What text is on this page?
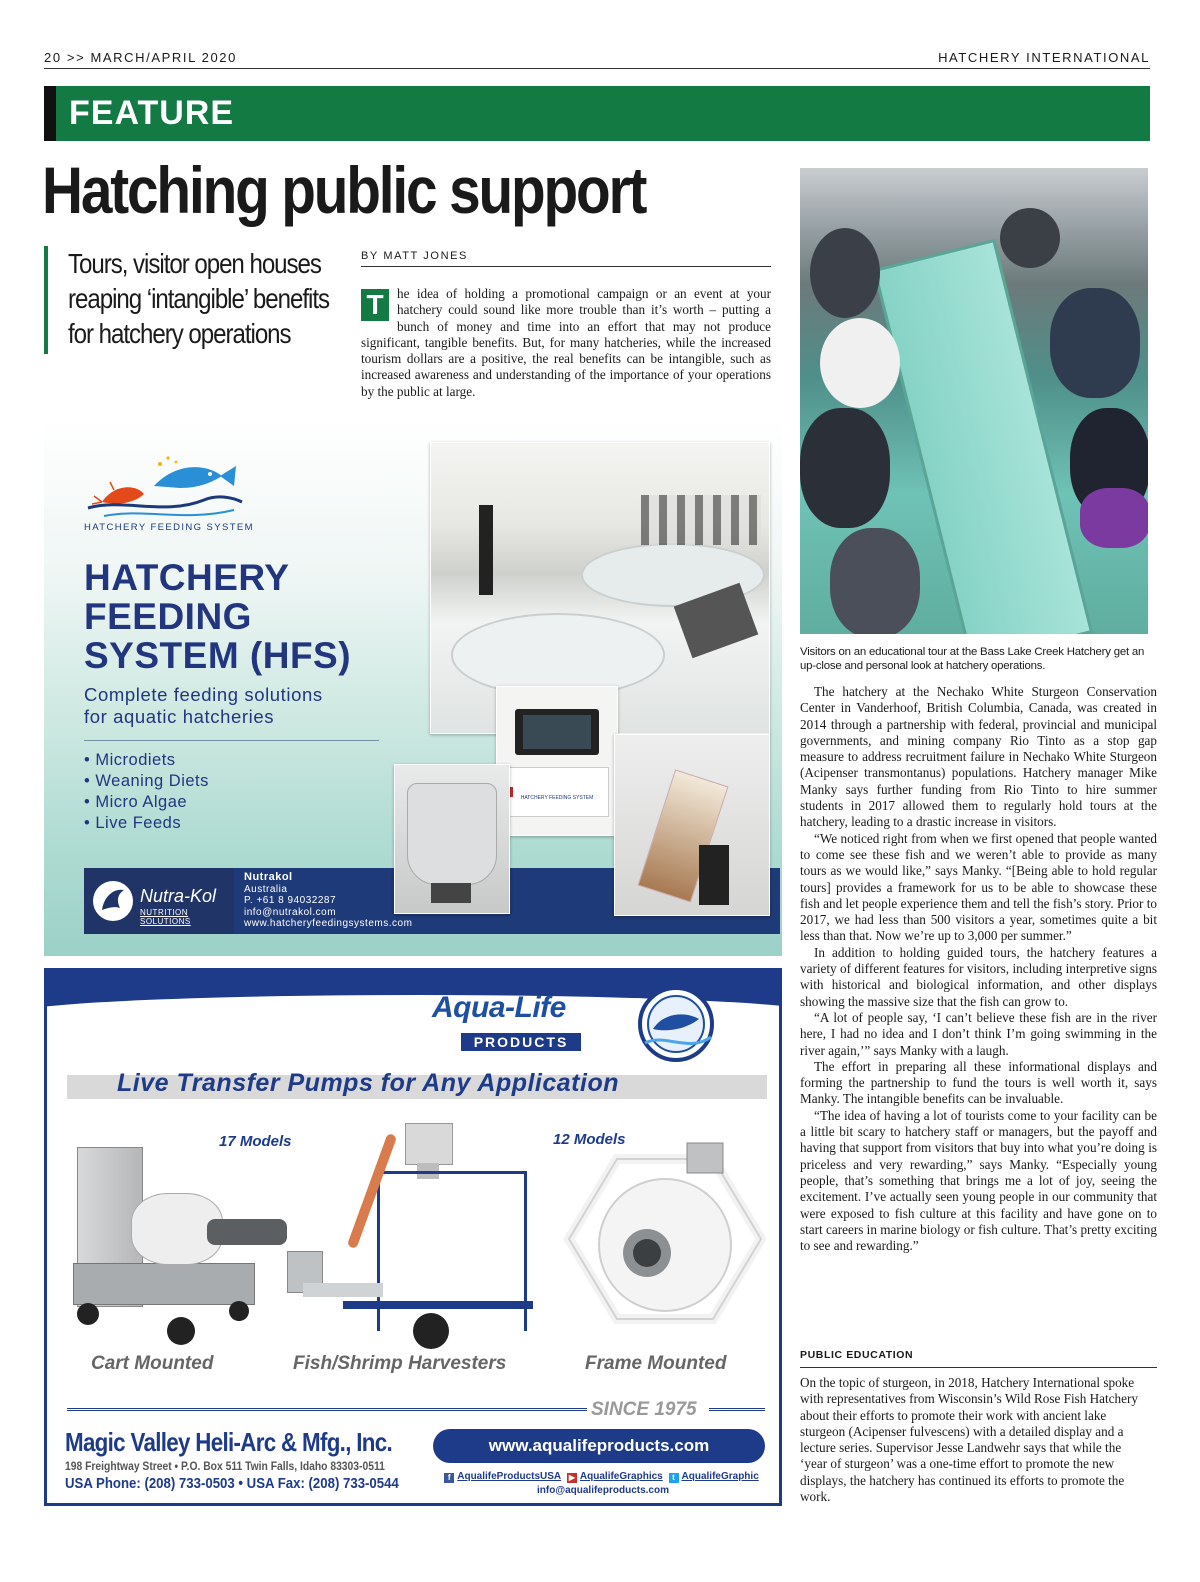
20 >> MARCH/APRIL 2020	HATCHERY INTERNATIONAL
FEATURE
Hatching public support
Tours, visitor open houses reaping ‘intangible’ benefits for hatchery operations
BY MATT JONES
T	he idea of holding a promotional campaign or an event at your hatchery could sound like more trouble than it’s worth – putting a bunch of money and time into an effort that may not produce significant, tangible benefits. But, for many hatcheries, while the increased tourism dollars are a positive, the real benefits can be intangible, such as increased awareness and understanding of the importance of your operations by the public at large.
HATCHERY FEEDING SYSTEM
HATCHERY
FEEDING
SYSTEM (HFS)
Complete feeding solutions
for aquatic hatcheries
• Microdiets
• Weaning Diets
• Micro Algae
• Live Feeds
Nutra-Kol
NUTRITION SOLUTIONS
Nutrakol
Australia
P. +61 8 94032287
info@nutrakol.com
www.hatcheryfeedingsystems.com
HATCHERY FEEDING SYSTEM
Aqua-Life
PRODUCTS
Live Transfer Pumps for Any Application
17 Models	12 Models
Cart Mounted	Fish/Shrimp Harvesters	Frame Mounted
SINCE 1975
Magic Valley Heli-Arc & Mfg., Inc.
198 Freightway Street • P.O. Box 511 Twin Falls, Idaho 83303-0511
USA Phone: (208) 733-0503 • USA Fax: (208) 733-0544
www.aqualifeproducts.com
f AqualifeProductsUSA ▶ AqualifeGraphics t AqualifeGraphic
info@aqualifeproducts.com
Visitors on an educational tour at the Bass Lake Creek Hatchery get an up-close and personal look at hatchery operations.

The hatchery at the Nechako White Sturgeon Conservation Center in Vanderhoof, British Columbia, Canada, was created in 2014 through a partnership with federal, provincial and municipal governments, and mining company Rio Tinto as a stop gap measure to address recruitment failure in Nechako White Sturgeon (Acipenser transmontanus) populations. Hatchery manager Mike Manky says further funding from Rio Tinto to hire summer students in 2017 allowed them to regularly hold tours at the hatchery, leading to a drastic increase in visitors.

“We noticed right from when we first opened that people wanted to come see these fish and we weren’t able to provide as many tours as we would like,” says Manky. “[Being able to hold regular tours] provides a framework for us to be able to showcase these fish and let people experience them and tell the fish’s story. Prior to 2017, we had less than 500 visitors a year, sometimes quite a bit less than that. Now we’re up to 3,000 per summer.”

In addition to holding guided tours, the hatchery features a variety of different features for visitors, including interpretive signs with historical and biological information, and other displays showing the massive size that the fish can grow to.

“A lot of people say, ‘I can’t believe these fish are in the river here, I had no idea and I don’t think I’m going swimming in the river again,’” says Manky with a laugh.

The effort in preparing all these informational displays and forming the partnership to fund the tours is well worth it, says Manky. The intangible benefits can be invaluable.

“The idea of having a lot of tourists come to your facility can be a little bit scary to hatchery staff or managers, but the payoff and having that support from visitors that buy into what you’re doing is priceless and very rewarding,” says Manky. “Especially young people, that’s something that brings me a lot of joy, seeing the excitement. I’ve actually seen young people in our community that were exposed to fish culture at this facility and have gone on to start careers in marine biology or fish culture. That’s pretty exciting to see and rewarding.”

PUBLIC EDUCATION

On the topic of sturgeon, in 2018, Hatchery International spoke with representatives from Wisconsin’s Wild Rose Fish Hatchery about their efforts to promote their work with ancient lake sturgeon (Acipenser fulvescens) with a detailed display and a lecture series. Supervisor Jesse Landwehr says that while the ‘year of sturgeon’ was a one-time effort to promote the new displays, the hatchery has continued its efforts to promote the work.
